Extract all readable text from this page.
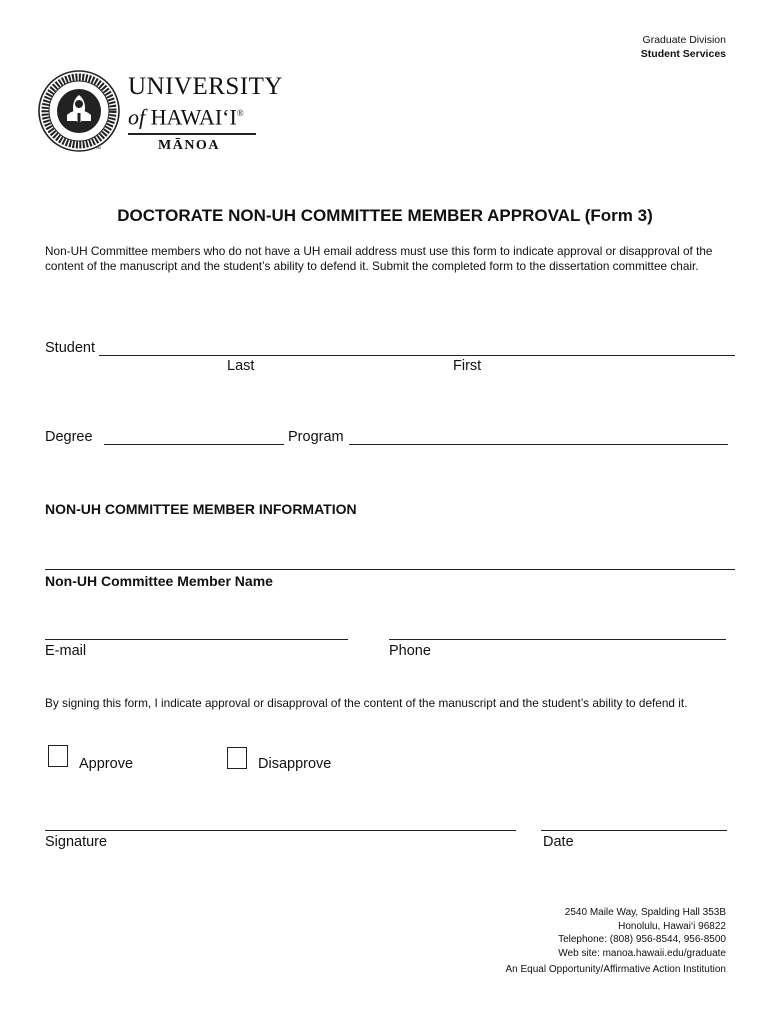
Graduate Division
Student Services
TM
UNIVERSITY
of HAWAI‘I®
MĀNOA
DOCTORATE NON-UH COMMITTEE MEMBER APPROVAL (Form 3)
Non-UH Committee members who do not have a UH email address must use this form to indicate approval or disapproval of the content of the manuscript and the student’s ability to defend it. Submit the completed form to the dissertation committee chair.
Student
Last	First
Degree	Program
NON-UH COMMITTEE MEMBER INFORMATION
Non-UH Committee Member Name
E-mail	Phone
By signing this form, I indicate approval or disapproval of the content of the manuscript and the student’s ability to defend it.
Approve	Disapprove
Signature	Date
2540 Maile Way, Spalding Hall 353B
Honolulu, Hawai‘i 96822
Telephone: (808) 956-8544, 956-8500
Web site: manoa.hawaii.edu/graduate
An Equal Opportunity/Affirmative Action Institution
